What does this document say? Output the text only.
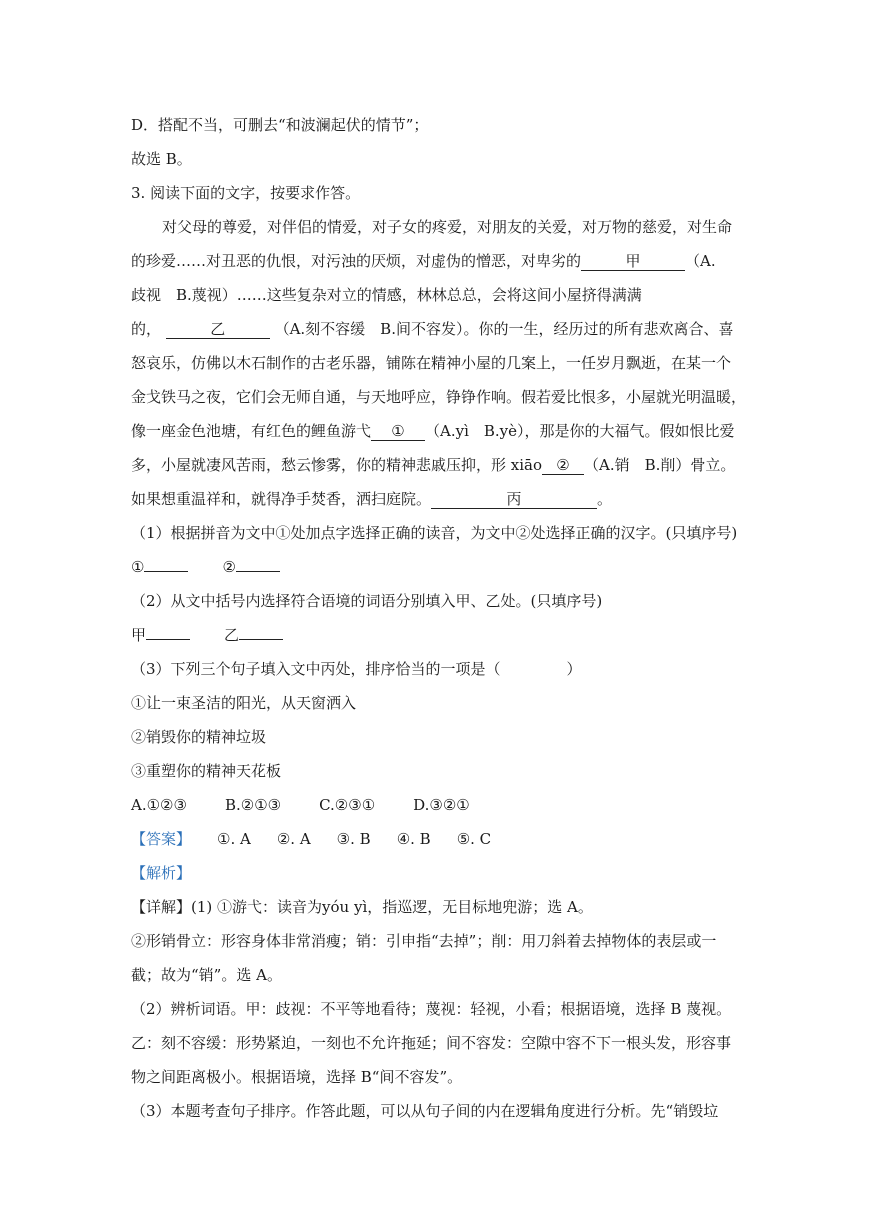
D．搭配不当，可删去“和波澜起伏的情节”；
故选 B。
3. 阅读下面的文字，按要求作答。
对父母的尊爱，对伴侣的情爱，对子女的疼爱，对朋友的关爱，对万物的慈爱，对生命
的珍爱……对丑恶的仇恨，对污浊的厌烦，对虚伪的憎恶，对卑劣的	甲	（A.
歧视　B.蔑视）……这些复杂对立的情感，林林总总，会将这间小屋挤得满满
的，	乙	（A.刻不容缓　B.间不容发）。你的一生，经历过的所有悲欢离合、喜
怒哀乐，仿佛以木石制作的古老乐器，铺陈在精神小屋的几案上，一任岁月飘逝，在某一个
金戈铁马之夜，它们会无师自通，与天地呼应，铮铮作响。假若爱比恨多，小屋就光明温暖，
像一座金色池塘，有红色的鲤鱼游弋 ① （A.yì　B.yè），那是你的大福气。假如恨比爱
多，小屋就凄风苦雨，愁云惨雾，你的精神悲戚压抑，形 xiāo ② （A.销　B.削）骨立。
如果想重温祥和，就得净手焚香，洒扫庭院。	丙	。
（1）根据拼音为文中①处加点字选择正确的读音，为文中②处选择正确的汉字。(只填序号)
①	②
（2）从文中括号内选择符合语境的词语分别填入甲、乙处。(只填序号)
甲	乙
（3）下列三个句子填入文中丙处，排序恰当的一项是（	）
①让一束圣洁的阳光，从天窗洒入
②销毁你的精神垃圾
③重塑你的精神天花板
A.①②③	B.②①③	C.②③①	D.③②①
【答案】 ①. A ②. A ③. B ④. B ⑤. C
【解析】
【详解】(1) ①游弋：读音为yóu yì，指巡逻，无目标地兜游；选 A。
②形销骨立：形容身体非常消瘦；销：引申指“去掉”；削：用刀斜着去掉物体的表层或一
截；故为“销”。选 A。
（2）辨析词语。甲：歧视：不平等地看待；蔑视：轻视，小看；根据语境，选择 B 蔑视。
乙：刻不容缓：形势紧迫，一刻也不允许拖延；间不容发：空隙中容不下一根头发，形容事
物之间距离极小。根据语境，选择 B“间不容发”。
（3）本题考查句子排序。作答此题，可以从句子间的内在逻辑角度进行分析。先“销毁垃
